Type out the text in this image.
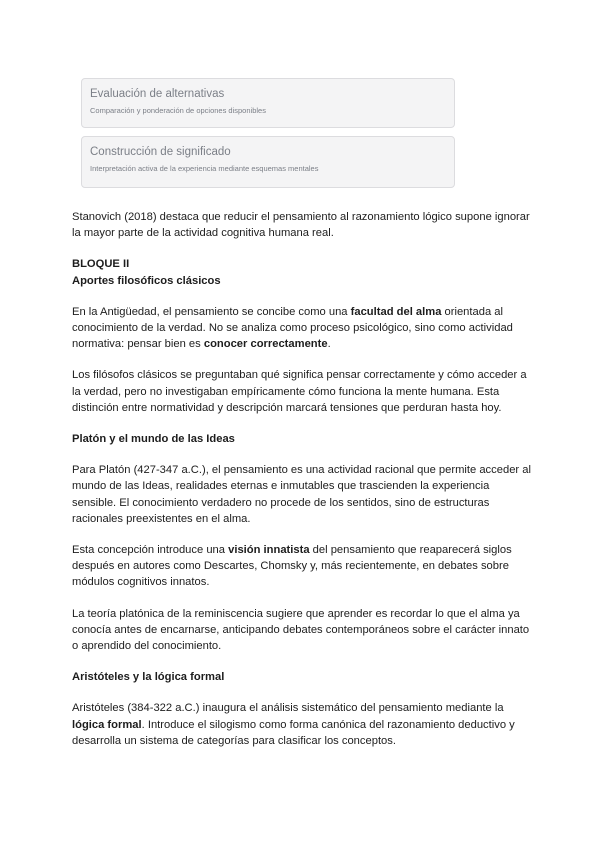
Evaluación de alternativas
Comparación y ponderación de opciones disponibles
Construcción de significado
Interpretación activa de la experiencia mediante esquemas mentales

Stanovich (2018) destaca que reducir el pensamiento al razonamiento lógico supone ignorar la mayor parte de la actividad cognitiva humana real.

BLOQUE II
Aportes filosóficos clásicos

En la Antigüedad, el pensamiento se concibe como una facultad del alma orientada al conocimiento de la verdad. No se analiza como proceso psicológico, sino como actividad normativa: pensar bien es conocer correctamente.

Los filósofos clásicos se preguntaban qué significa pensar correctamente y cómo acceder a la verdad, pero no investigaban empíricamente cómo funciona la mente humana. Esta distinción entre normatividad y descripción marcará tensiones que perduran hasta hoy.

Platón y el mundo de las Ideas

Para Platón (427-347 a.C.), el pensamiento es una actividad racional que permite acceder al mundo de las Ideas, realidades eternas e inmutables que trascienden la experiencia sensible. El conocimiento verdadero no procede de los sentidos, sino de estructuras racionales preexistentes en el alma.

Esta concepción introduce una visión innatista del pensamiento que reaparecerá siglos después en autores como Descartes, Chomsky y, más recientemente, en debates sobre módulos cognitivos innatos.

La teoría platónica de la reminiscencia sugiere que aprender es recordar lo que el alma ya conocía antes de encarnarse, anticipando debates contemporáneos sobre el carácter innato o aprendido del conocimiento.

Aristóteles y la lógica formal

Aristóteles (384-322 a.C.) inaugura el análisis sistemático del pensamiento mediante la lógica formal. Introduce el silogismo como forma canónica del razonamiento deductivo y desarrolla un sistema de categorías para clasificar los conceptos.
